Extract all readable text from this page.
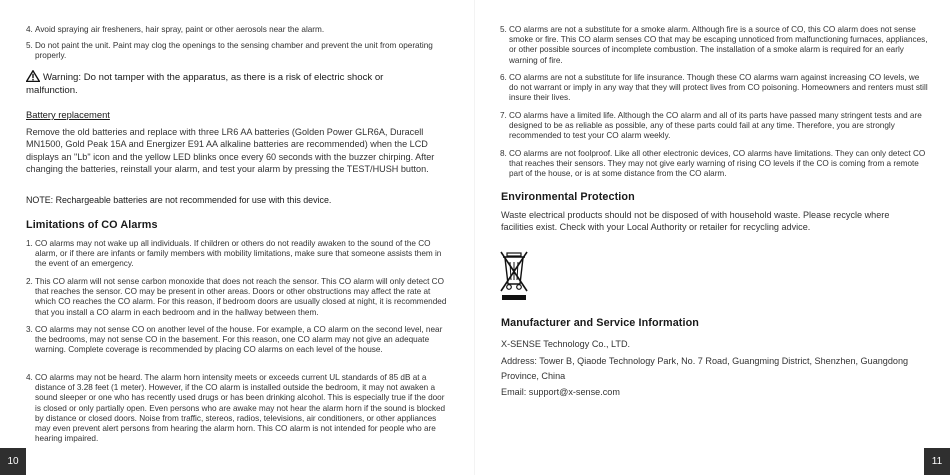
4. Avoid spraying air fresheners, hair spray, paint or other aerosols near the alarm.
5. Do not paint the unit. Paint may clog the openings to the sensing chamber and prevent the unit from operating properly.
Warning: Do not tamper with the apparatus, as there is a risk of electric shock or malfunction.
Battery replacement
Remove the old batteries and replace with three LR6 AA batteries (Golden Power GLR6A, Duracell MN1500, Gold Peak 15A and Energizer E91 AA alkaline batteries are recommended) when the LCD displays an "Lb" icon and the yellow LED blinks once every 60 seconds with the buzzer chirping. After changing the batteries, reinstall your alarm, and test your alarm by pressing the TEST/HUSH button.
NOTE: Rechargeable batteries are not recommended for use with this device.
Limitations of CO Alarms
1. CO alarms may not wake up all individuals. If children or others do not readily awaken to the sound of the CO alarm, or if there are infants or family members with mobility limitations, make sure that someone assists them in the event of an emergency.
2. This CO alarm will not sense carbon monoxide that does not reach the sensor. This CO alarm will only detect CO that reaches the sensor. CO may be present in other areas. Doors or other obstructions may affect the rate at which CO reaches the CO alarm. For this reason, if bedroom doors are usually closed at night, it is recommended that you install a CO alarm in each bedroom and in the hallway between them.
3. CO alarms may not sense CO on another level of the house. For example, a CO alarm on the second level, near the bedrooms, may not sense CO in the basement. For this reason, one CO alarm may not give an adequate warning. Complete coverage is recommended by placing CO alarms on each level of the house.
4. CO alarms may not be heard. The alarm horn intensity meets or exceeds current UL standards of 85 dB at a distance of 3.28 feet (1 meter). However, if the CO alarm is installed outside the bedroom, it may not awaken a sound sleeper or one who has recently used drugs or has been drinking alcohol. This is especially true if the door is closed or only partially open. Even persons who are awake may not hear the alarm horn if the sound is blocked by distance or closed doors. Noise from traffic, stereos, radios, televisions, air conditioners, or other appliances may even prevent alert persons from hearing the alarm horn. This CO alarm is not intended for people who are hearing impaired.
10
5. CO alarms are not a substitute for a smoke alarm. Although fire is a source of CO, this CO alarm does not sense smoke or fire. This CO alarm senses CO that may be escaping unnoticed from malfunctioning furnaces, appliances, or other possible sources of incomplete combustion. The installation of a smoke alarm is required for an early warning of fire.
6. CO alarms are not a substitute for life insurance. Though these CO alarms warn against increasing CO levels, we do not warrant or imply in any way that they will protect lives from CO poisoning. Homeowners and renters must still insure their lives.
7. CO alarms have a limited life. Although the CO alarm and all of its parts have passed many stringent tests and are designed to be as reliable as possible, any of these parts could fail at any time. Therefore, you are strongly recommended to test your CO alarm weekly.
8. CO alarms are not foolproof. Like all other electronic devices, CO alarms have limitations. They can only detect CO that reaches their sensors. They may not give early warning of rising CO levels if the CO is coming from a remote part of the house, or is at some distance from the CO alarm.
Environmental Protection
Waste electrical products should not be disposed of with household waste. Please recycle where facilities exist. Check with your Local Authority or retailer for recycling advice.
Manufacturer and Service Information
X-SENSE Technology Co., LTD.
Address: Tower B, Qiaode Technology Park, No. 7 Road, Guangming District, Shenzhen, Guangdong Province, China
Email: support@x-sense.com
11
